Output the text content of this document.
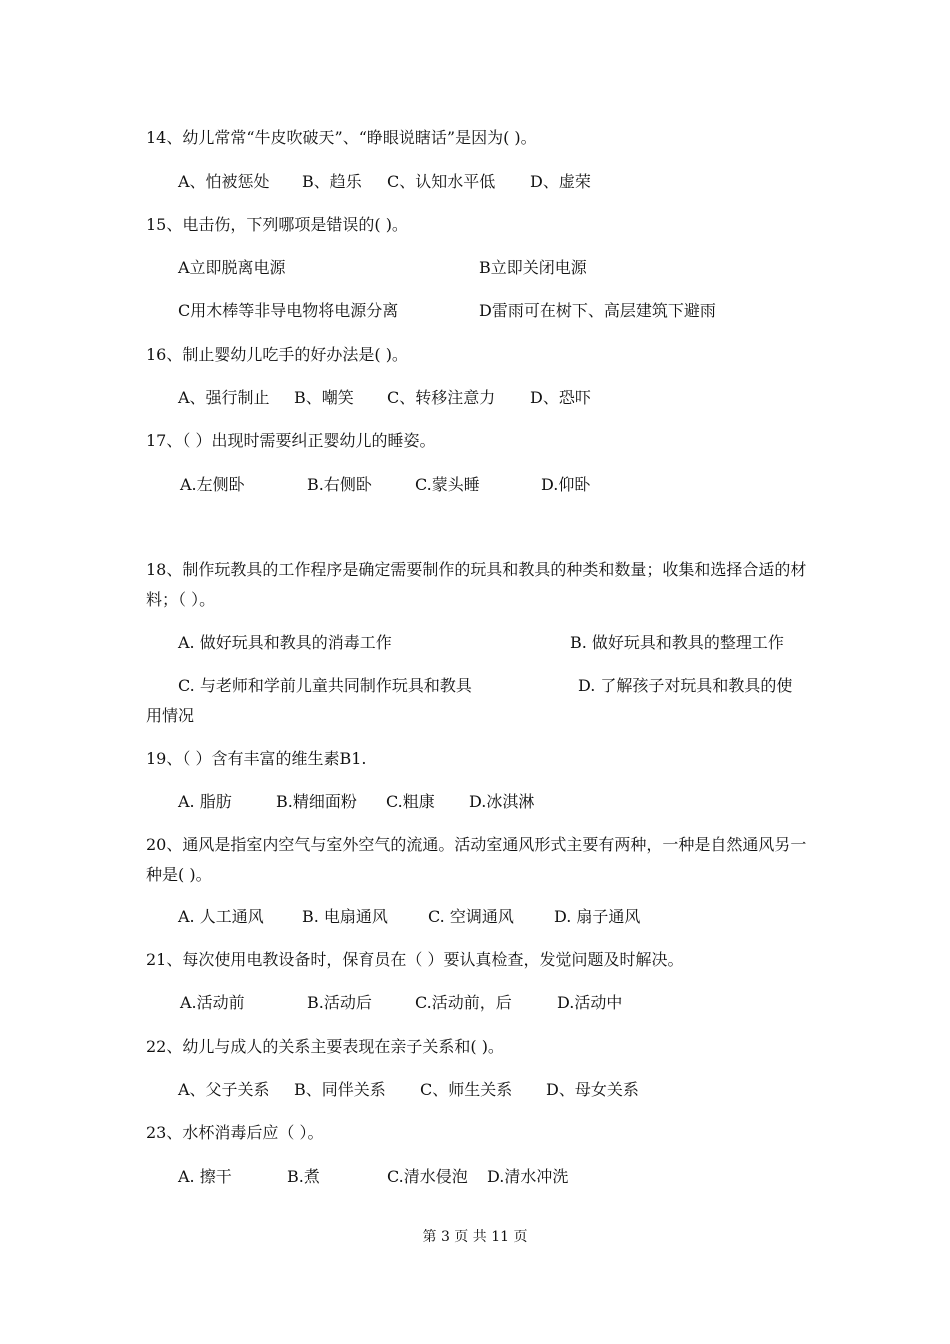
14、幼儿常常“牛皮吹破天”、“睁眼说瞎话”是因为( )。
A、怕被惩处 B、趋乐 C、认知水平低 D、虚荣
15、电击伤，下列哪项是错误的( )。
A立即脱离电源	B立即关闭电源
C用木棒等非导电物将电源分离	D雷雨可在树下、高层建筑下避雨
16、制止婴幼儿吃手的好办法是( )。
A、强行制止 B、嘲笑 C、转移注意力 D、恐吓
17、（ ）出现时需要纠正婴幼儿的睡姿。
A.左侧卧	B.右侧卧	C.蒙头睡	D.仰卧
18、制作玩教具的工作程序是确定需要制作的玩具和教具的种类和数量；收集和选择合适的材料；（ ）。
A. 做好玩具和教具的消毒工作	B. 做好玩具和教具的整理工作
C. 与老师和学前儿童共同制作玩具和教具	D. 了解孩子对玩具和教具的使
用情况
19、（ ）含有丰富的维生素B1.
A. 脂肪	B.精细面粉 C.粗康 D.冰淇淋
20、通风是指室内空气与室外空气的流通。活动室通风形式主要有两种，一种是自然通风另一种是( )。
A. 人工通风 B. 电扇通风	C. 空调通风	D. 扇子通风
21、每次使用电教设备时，保育员在（ ）要认真检查，发觉问题及时解决。
A.活动前	B.活动后	C.活动前，后	D.活动中
22、幼儿与成人的关系主要表现在亲子关系和( )。
A、父子关系 B、同伴关系 C、师生关系 D、母女关系
23、水杯消毒后应（ ）。
A. 擦干	B.煮	C.清水侵泡 D.清水冲洗
第 3 页 共 11 页
